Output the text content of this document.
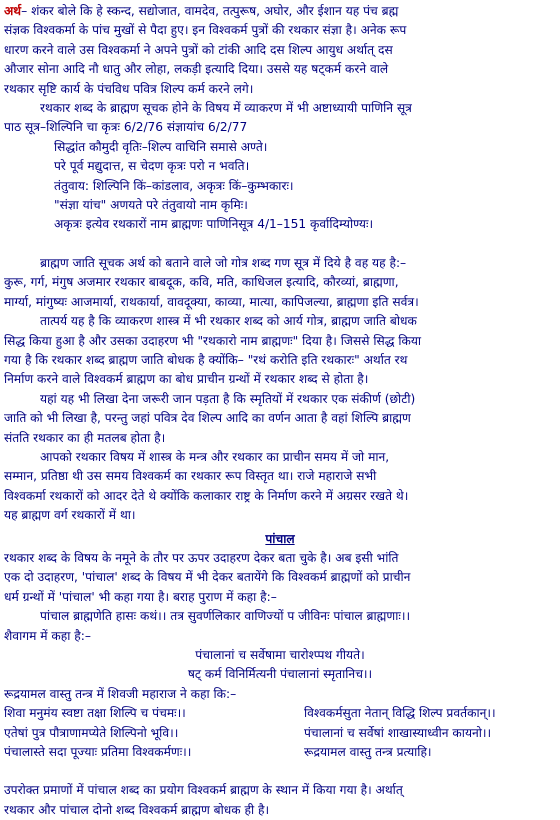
अर्थ– शंकर बोले कि हे स्कन्द, सद्योजात, वामदेव, तत्पुरूष, अघोर, और ईशान यह पंच ब्रह्म
संज्ञक विश्वकर्मा के पांच मुखों से पैदा हुए। इन विश्वकर्म पुत्रों की रथकार संज्ञा है। अनेक रूप
धारण करने वाले उस विश्वकर्मा ने अपने पुत्रों को टांकी आदि दस शिल्प आयुध अर्थात् दस
औजार सोना आदि नौ धातु और लोहा, लकड़ी इत्यादि दिया। उससे यह षट्कर्म करने वाले
रथकार सृष्टि कार्य के पंचविध पवित्र शिल्प कर्म करने लगे।
रथकार शब्द के ब्राह्मण सूचक होने के विषय में व्याकरण में भी अष्टाध्यायी पाणिनि सूत्र
पाठ सूत्र–शिल्पिनि चा कृत्रः 6/2/76 संज्ञायांच 6/2/77
सिद्धांत कौमुदी वृतिः–शिल्प वाचिनि समासे अण्ते।
परे पूर्व मद्युदात्त, स चेदण कृत्रः परो न भवति।
तंतुवाय: शिल्पिनि किं–कांडलाव, अकृत्रः किं–कुम्भकारः।
"संज्ञा यांच" अणयते परे तंतुवायो नाम कृमिः।
अकृत्रः इत्येव रथकारों नाम ब्राह्मणः पाणिनिसूत्र 4/1–151 कृर्वादिम्योण्यः।
ब्राह्मण जाति सूचक अर्थ को बताने वाले जो गोत्र शब्द गण सूत्र में दिये है वह यह है:–
कुरू, गर्ग, मंगुष अजमार रथकार बाबदूक, कवि, मति, काधिजल इत्यादि, कौरव्यां, ब्राह्मणा,
मार्ग्या, मांगुष्यः आजमार्या, राथकार्या, वावदूक्या, काव्या, मात्या, कापिजल्या, ब्राह्मणा इति सर्वत्र।
तात्पर्य यह है कि व्याकरण शास्त्र में भी रथकार शब्द को आर्य गोत्र, ब्राह्मण जाति बोधक
सिद्ध किया हुआ है और उसका उदाहरण भी "रथकारो नाम ब्राह्मणः" दिया है। जिससे सिद्ध किया
गया है कि रथकार शब्द ब्राह्मण जाति बोधक है क्योंकि– "रथं करोति इति रथकारः" अर्थात रथ
निर्माण करने वाले विश्वकर्म ब्राह्मण का बोध प्राचीन ग्रन्थों में रथकार शब्द से होता है।
यहां यह भी लिखा देना जरूरी जान पड़ता है कि स्मृतियों में रथकार एक संकीर्ण (छोटी)
जाति को भी लिखा है, परन्तु जहां पवित्र देव शिल्प आदि का वर्णन आता है वहां शिल्पि ब्राह्मण
संतति रथकार का ही मतलब होता है।
आपको रथकार विषय में शास्त्र के मन्त्र और रथकार का प्राचीन समय में जो मान,
सम्मान, प्रतिष्ठा थी उस समय विश्वकर्म का रथकार रूप विस्तृत था। राजे महाराजे सभी
विश्वकर्मा रथकारों को आदर देते थे क्योंकि कलाकार राष्ट्र के निर्माण करने में अग्रसर रखते थे।
यह ब्राह्मण वर्ग रथकारों में था।
पांचाल
रथकार शब्द के विषय के नमूने के तौर पर ऊपर उदाहरण देकर बता चुके है। अब इसी भांति
एक दो उदाहरण, 'पांचाल' शब्द के विषय में भी देकर बतायेंगे कि विश्वकर्म ब्राह्मणों को प्राचीन
धर्म ग्रन्थों में 'पांचाल' भी कहा गया है। बराह पुराण में कहा है:–
पांचाल ब्राह्मणेति हासः कथं।। तत्र सुवर्णलिकार वाणिज्यों प जीविनः पांचाल ब्राह्मणाः।।
शैवागम में कहा है:–
पंचालानां च सर्वेषामा चारोश्प्पथ गीयते।
षट् कर्म विनिर्मित्यनी पंचालानां स्मृतानिच।।
रूद्रयामल वास्तु तन्त्र में शिवजी महाराज ने कहा कि:–
शिवा मनुमंय स्वष्टा तक्षा शिल्पि च पंचमः।।	विश्वकर्मसुता नेतान् विद्धि शिल्प प्रवर्तकान्।।
एतेषां पुत्र पौत्राणामप्येते शिल्पिनो भूवि।।	पंचालानां च सर्वेषां शाखास्याध्वीन कायनो।।
पंचालास्ते सदा पूज्याः प्रतिमा विश्वकर्मणः।।	रूद्रयामल वास्तु तन्त्र प्रत्याहि।
उपरोक्त प्रमाणों में पांचाल शब्द का प्रयोग विश्वकर्म ब्राह्मण के स्थान में किया गया है। अर्थात्
रथकार और पांचाल दोनो शब्द विश्वकर्म ब्राह्मण बोधक ही है।
